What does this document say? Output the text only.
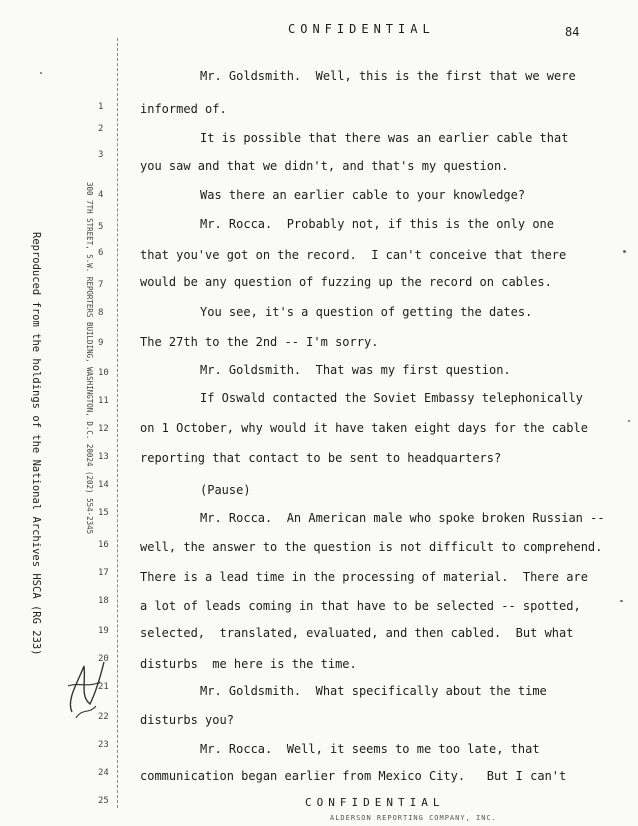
CONFIDENTIAL	84
Reproduced from the holdings of the National Archives HSCA (RG 233)	300 7TH STREET, S.W. REPORTERS BUILDING, WASHINGTON, D.C. 20024 (202) 554-2345
1
2
3
4
5
6
7
8
9
10
11
12
13
14
15
16
17
18
19
20
21
22
23
24
25
Mr. Goldsmith.  Well, this is the first that we were
informed of.
It is possible that there was an earlier cable that
you saw and that we didn't, and that's my question.
Was there an earlier cable to your knowledge?
Mr. Rocca.  Probably not, if this is the only one
that you've got on the record.  I can't conceive that there
would be any question of fuzzing up the record on cables.
You see, it's a question of getting the dates.
The 27th to the 2nd -- I'm sorry.
Mr. Goldsmith.  That was my first question.
If Oswald contacted the Soviet Embassy telephonically
on 1 October, why would it have taken eight days for the cable
reporting that contact to be sent to headquarters?
(Pause)
Mr. Rocca.  An American male who spoke broken Russian --
well, the answer to the question is not difficult to comprehend.
There is a lead time in the processing of material.  There are
a lot of leads coming in that have to be selected -- spotted,
selected,  translated, evaluated, and then cabled.  But what
disturbs  me here is the time.
Mr. Goldsmith.  What specifically about the time
disturbs you?
Mr. Rocca.  Well, it seems to me too late, that
communication began earlier from Mexico City.   But I can't
CONFIDENTIAL
ALDERSON REPORTING COMPANY, INC.
